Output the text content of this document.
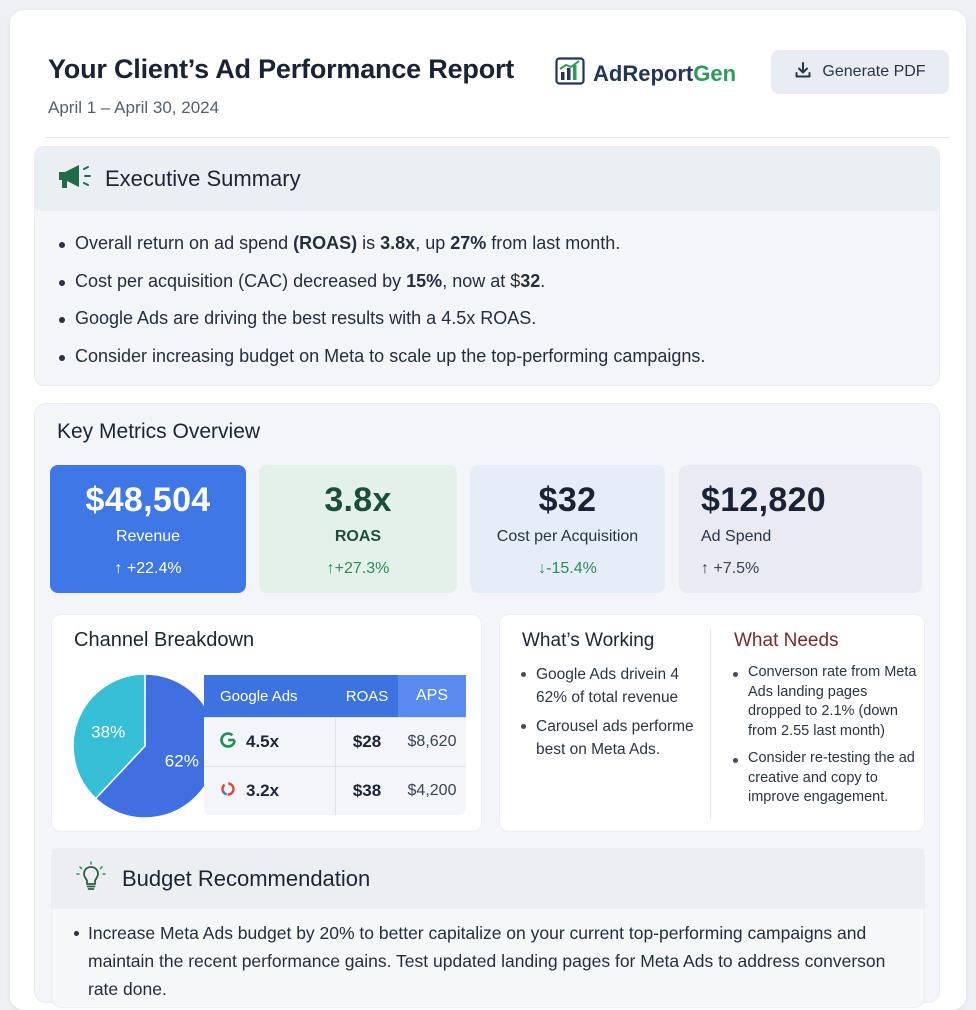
Your Client’s Ad Performance Report
April 1 – April 30, 2024
AdReportGen	Generate PDF
Executive Summary
Overall return on ad spend (ROAS) is 3.8x, up 27% from last month.
Cost per acquisition (CAC) decreased by 15%, now at $32.
Google Ads are driving the best results with a 4.5x ROAS.
Consider increasing budget on Meta to scale up the top-performing campaigns.
Key Metrics Overview
$48,504
Revenue
↑ +22.4%
3.8x
ROAS
↑+27.3%
$32
Cost per Acquisition
↓-15.4%
$12,820
Ad Spend
↑ +7.5%
Channel Breakdown
62%
38%
Google Ads	ROAS	APS
4.5x	$28	$8,620
3.2x	$38	$4,200
What’s Working
Google Ads drivein 4 62% of total revenue
Carousel ads performe best on Meta Ads.
What Needs
Converson rate from Meta Ads landing pages dropped to 2.1% (down from 2.55 last month)
Consider re-testing the ad creative and copy to improve engagement.
Budget Recommendation

Increase Meta Ads budget by 20% to better capitalize on your current top-performing campaigns and maintain the recent performance gains. Test updated landing pages for Meta Ads to address converson rate done.
